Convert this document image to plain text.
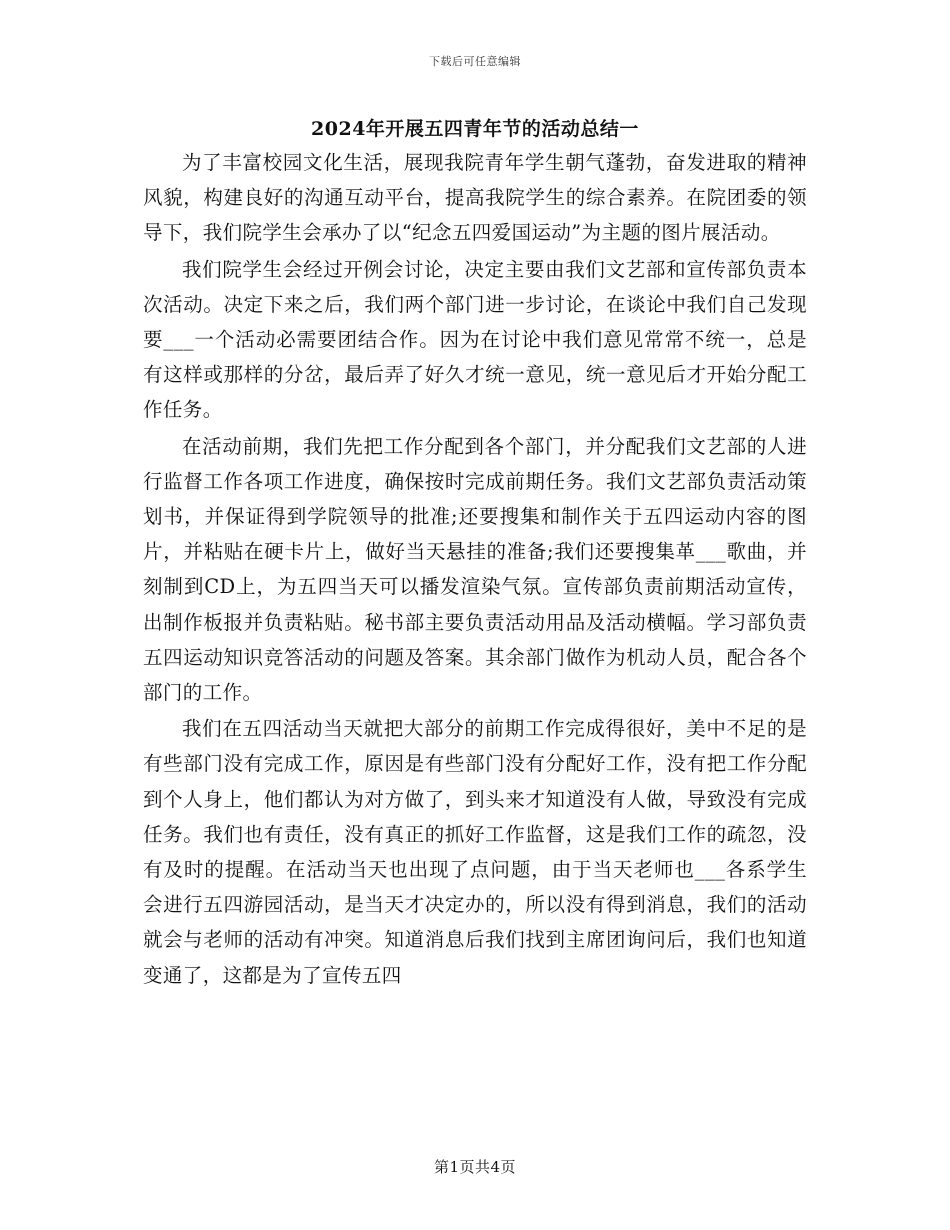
下载后可任意编辑
2024年开展五四青年节的活动总结一

为了丰富校园文化生活，展现我院青年学生朝气蓬勃，奋发进取的精神风貌，构建良好的沟通互动平台，提高我院学生的综合素养。在院团委的领导下，我们院学生会承办了以“纪念五四爱国运动”为主题的图片展活动。

我们院学生会经过开例会讨论，决定主要由我们文艺部和宣传部负责本次活动。决定下来之后，我们两个部门进一步讨论，在谈论中我们自己发现要___一个活动必需要团结合作。因为在讨论中我们意见常常不统一，总是有这样或那样的分岔，最后弄了好久才统一意见，统一意见后才开始分配工作任务。

在活动前期，我们先把工作分配到各个部门，并分配我们文艺部的人进行监督工作各项工作进度，确保按时完成前期任务。我们文艺部负责活动策划书，并保证得到学院领导的批准;还要搜集和制作关于五四运动内容的图片，并粘贴在硬卡片上，做好当天悬挂的准备;我们还要搜集革___歌曲，并刻制到CD上，为五四当天可以播发渲染气氛。宣传部负责前期活动宣传，出制作板报并负责粘贴。秘书部主要负责活动用品及活动横幅。学习部负责五四运动知识竞答活动的问题及答案。其余部门做作为机动人员，配合各个部门的工作。

我们在五四活动当天就把大部分的前期工作完成得很好，美中不足的是有些部门没有完成工作，原因是有些部门没有分配好工作，没有把工作分配到个人身上，他们都认为对方做了，到头来才知道没有人做，导致没有完成任务。我们也有责任，没有真正的抓好工作监督，这是我们工作的疏忽，没有及时的提醒。在活动当天也出现了点问题，由于当天老师也___各系学生会进行五四游园活动，是当天才决定办的，所以没有得到消息，我们的活动就会与老师的活动有冲突。知道消息后我们找到主席团询问后，我们也知道变通了，这都是为了宣传五四

第1页共4页
